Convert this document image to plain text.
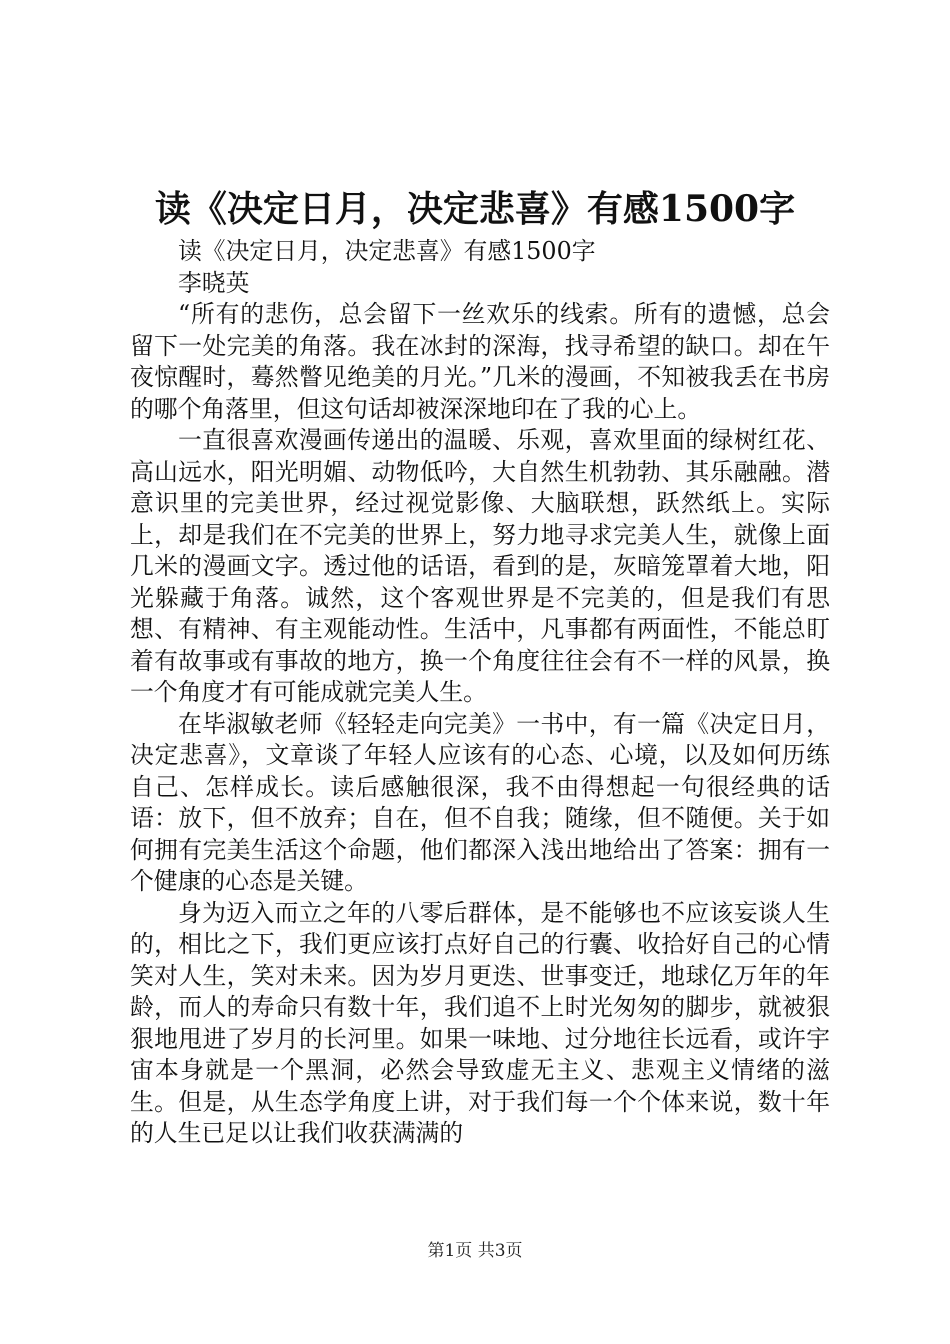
读《决定日月，决定悲喜》有感1500字

读《决定日月，决定悲喜》有感1500字

李晓英

“所有的悲伤，总会留下一丝欢乐的线索。所有的遗憾，总会留下一处完美的角落。我在冰封的深海，找寻希望的缺口。却在午夜惊醒时，蓦然瞥见绝美的月光。”几米的漫画，不知被我丢在书房的哪个角落里，但这句话却被深深地印在了我的心上。

一直很喜欢漫画传递出的温暖、乐观，喜欢里面的绿树红花、高山远水，阳光明媚、动物低吟，大自然生机勃勃、其乐融融。潜意识里的完美世界，经过视觉影像、大脑联想，跃然纸上。实际上，却是我们在不完美的世界上，努力地寻求完美人生，就像上面几米的漫画文字。透过他的话语，看到的是，灰暗笼罩着大地，阳光躲藏于角落。诚然，这个客观世界是不完美的，但是我们有思想、有精神、有主观能动性。生活中，凡事都有两面性，不能总盯着有故事或有事故的地方，换一个角度往往会有不一样的风景，换一个角度才有可能成就完美人生。

在毕淑敏老师《轻轻走向完美》一书中，有一篇《决定日月，决定悲喜》，文章谈了年轻人应该有的心态、心境，以及如何历练自己、怎样成长。读后感触很深，我不由得想起一句很经典的话语：放下，但不放弃；自在，但不自我；随缘，但不随便。关于如何拥有完美生活这个命题，他们都深入浅出地给出了答案：拥有一个健康的心态是关键。

身为迈入而立之年的八零后群体，是不能够也不应该妄谈人生的，相比之下，我们更应该打点好自己的行囊、收拾好自己的心情笑对人生，笑对未来。因为岁月更迭、世事变迁，地球亿万年的年龄，而人的寿命只有数十年，我们追不上时光匆匆的脚步，就被狠狠地甩进了岁月的长河里。如果一味地、过分地往长远看，或许宇宙本身就是一个黑洞，必然会导致虚无主义、悲观主义情绪的滋生。但是，从生态学角度上讲，对于我们每一个个体来说，数十年的人生已足以让我们收获满满的

第1页 共3页
